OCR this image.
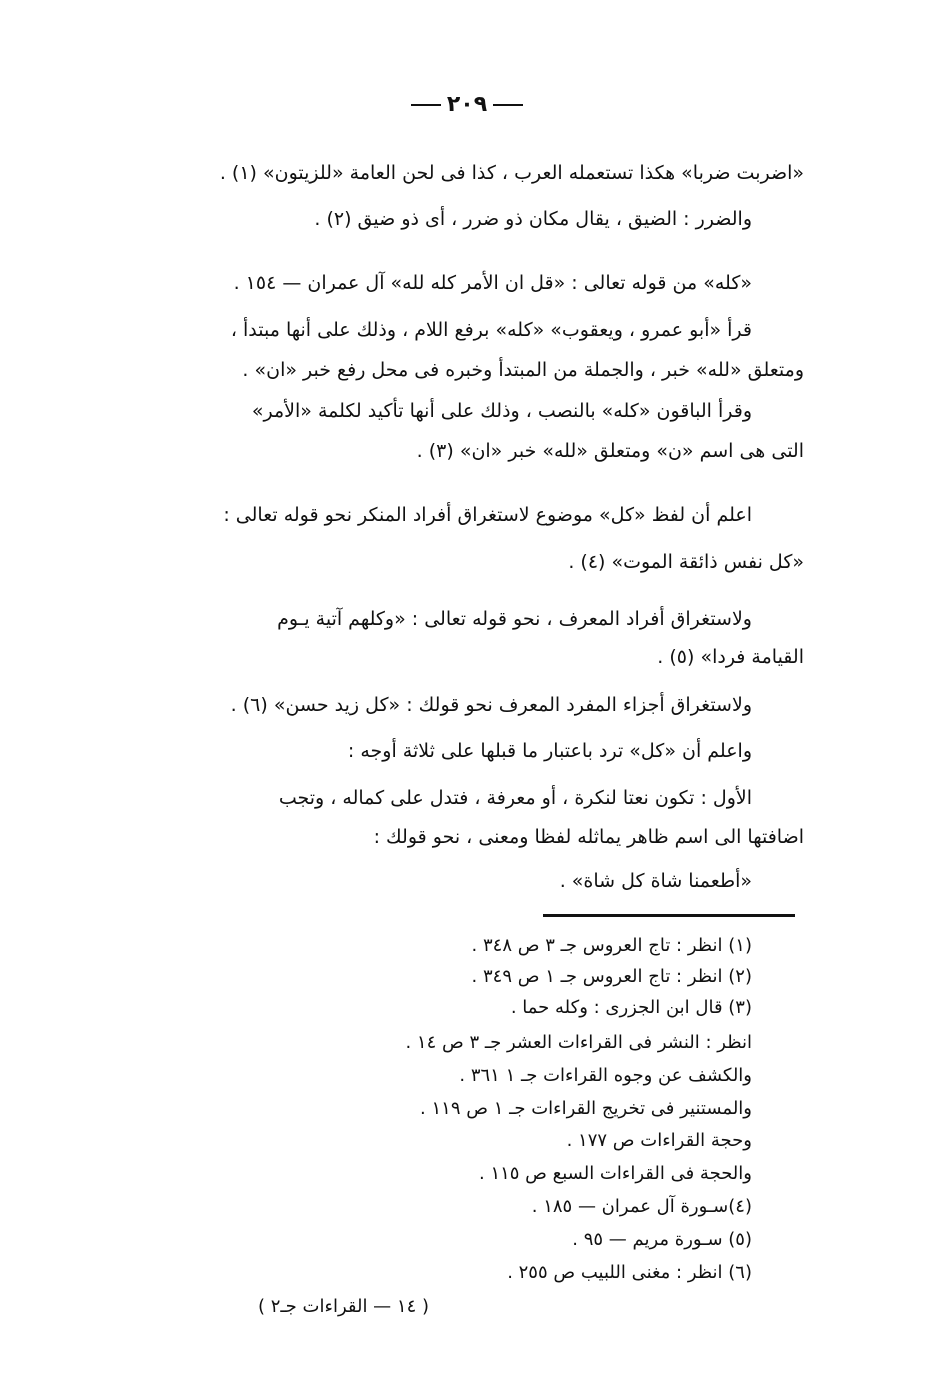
٢٠٩
«اضربت ضربا» هكذا تستعمله العرب ، كذا فى لحن العامة «للزيتون» (١) .
والضرر : الضيق ، يقال مكان ذو ضرر ، أى ذو ضيق (٢) .
«كله» من قوله تعالى : «قل ان الأمر كله لله» آل عمران — ١٥٤ .
قرأ «أبو عمرو ، ويعقوب» «كله» برفع اللام ، وذلك على أنها مبتدأ ،
ومتعلق «لله» خبر ، والجملة من المبتدأ وخبره فى محل رفع خبر «ان» .
وقرأ الباقون «كله» بالنصب ، وذلك على أنها تأكيد لكلمة «الأمر»
التى هى اسم «ن» ومتعلق «لله» خبر «ان» (٣) .
اعلم أن لفظ «كل» موضوع لاستغراق أفراد المنكر نحو قوله تعالى :
«كل نفس ذائقة الموت» (٤) .
ولاستغراق أفراد المعرف ، نحو قوله تعالى : «وكلهم آتية يـوم
القيامة فردا» (٥) .
ولاستغراق أجزاء المفرد المعرف نحو قولك : «كل زيد حسن» (٦) .
واعلم أن «كل» ترد باعتبار ما قبلها على ثلاثة أوجه :
الأول : تكون نعتا لنكرة ، أو معرفة ، فتدل على كماله ، وتجب
اضافتها الى اسم ظاهر يماثله لفظا ومعنى ، نحو قولك :
«أطعمنا شاة كل شاة» .
(١) انظر : تاج العروس جـ ٣ ص ٣٤٨ .
(٢) انظر : تاج العروس جـ ١ ص ٣٤٩ .
(٣) قال ابن الجزرى : وكله حما .
انظر : النشر فى القراءات العشر جـ ٣ ص ١٤ .
والكشف عن وجوه القراءات جـ ١ ٣٦١ .
والمستنير فى تخريج القراءات جـ ١ ص ١١٩ .
وحجة القراءات ص ١٧٧ .
والحجة فى القراءات السبع ص ١١٥ .
(٤)سـورة آل عمران — ١٨٥ .
(٥) سـورة مريم — ٩٥ .
(٦) انظر : مغنى اللبيب ص ٢٥٥ .
( ١٤ — القراءات جـ٢ )
